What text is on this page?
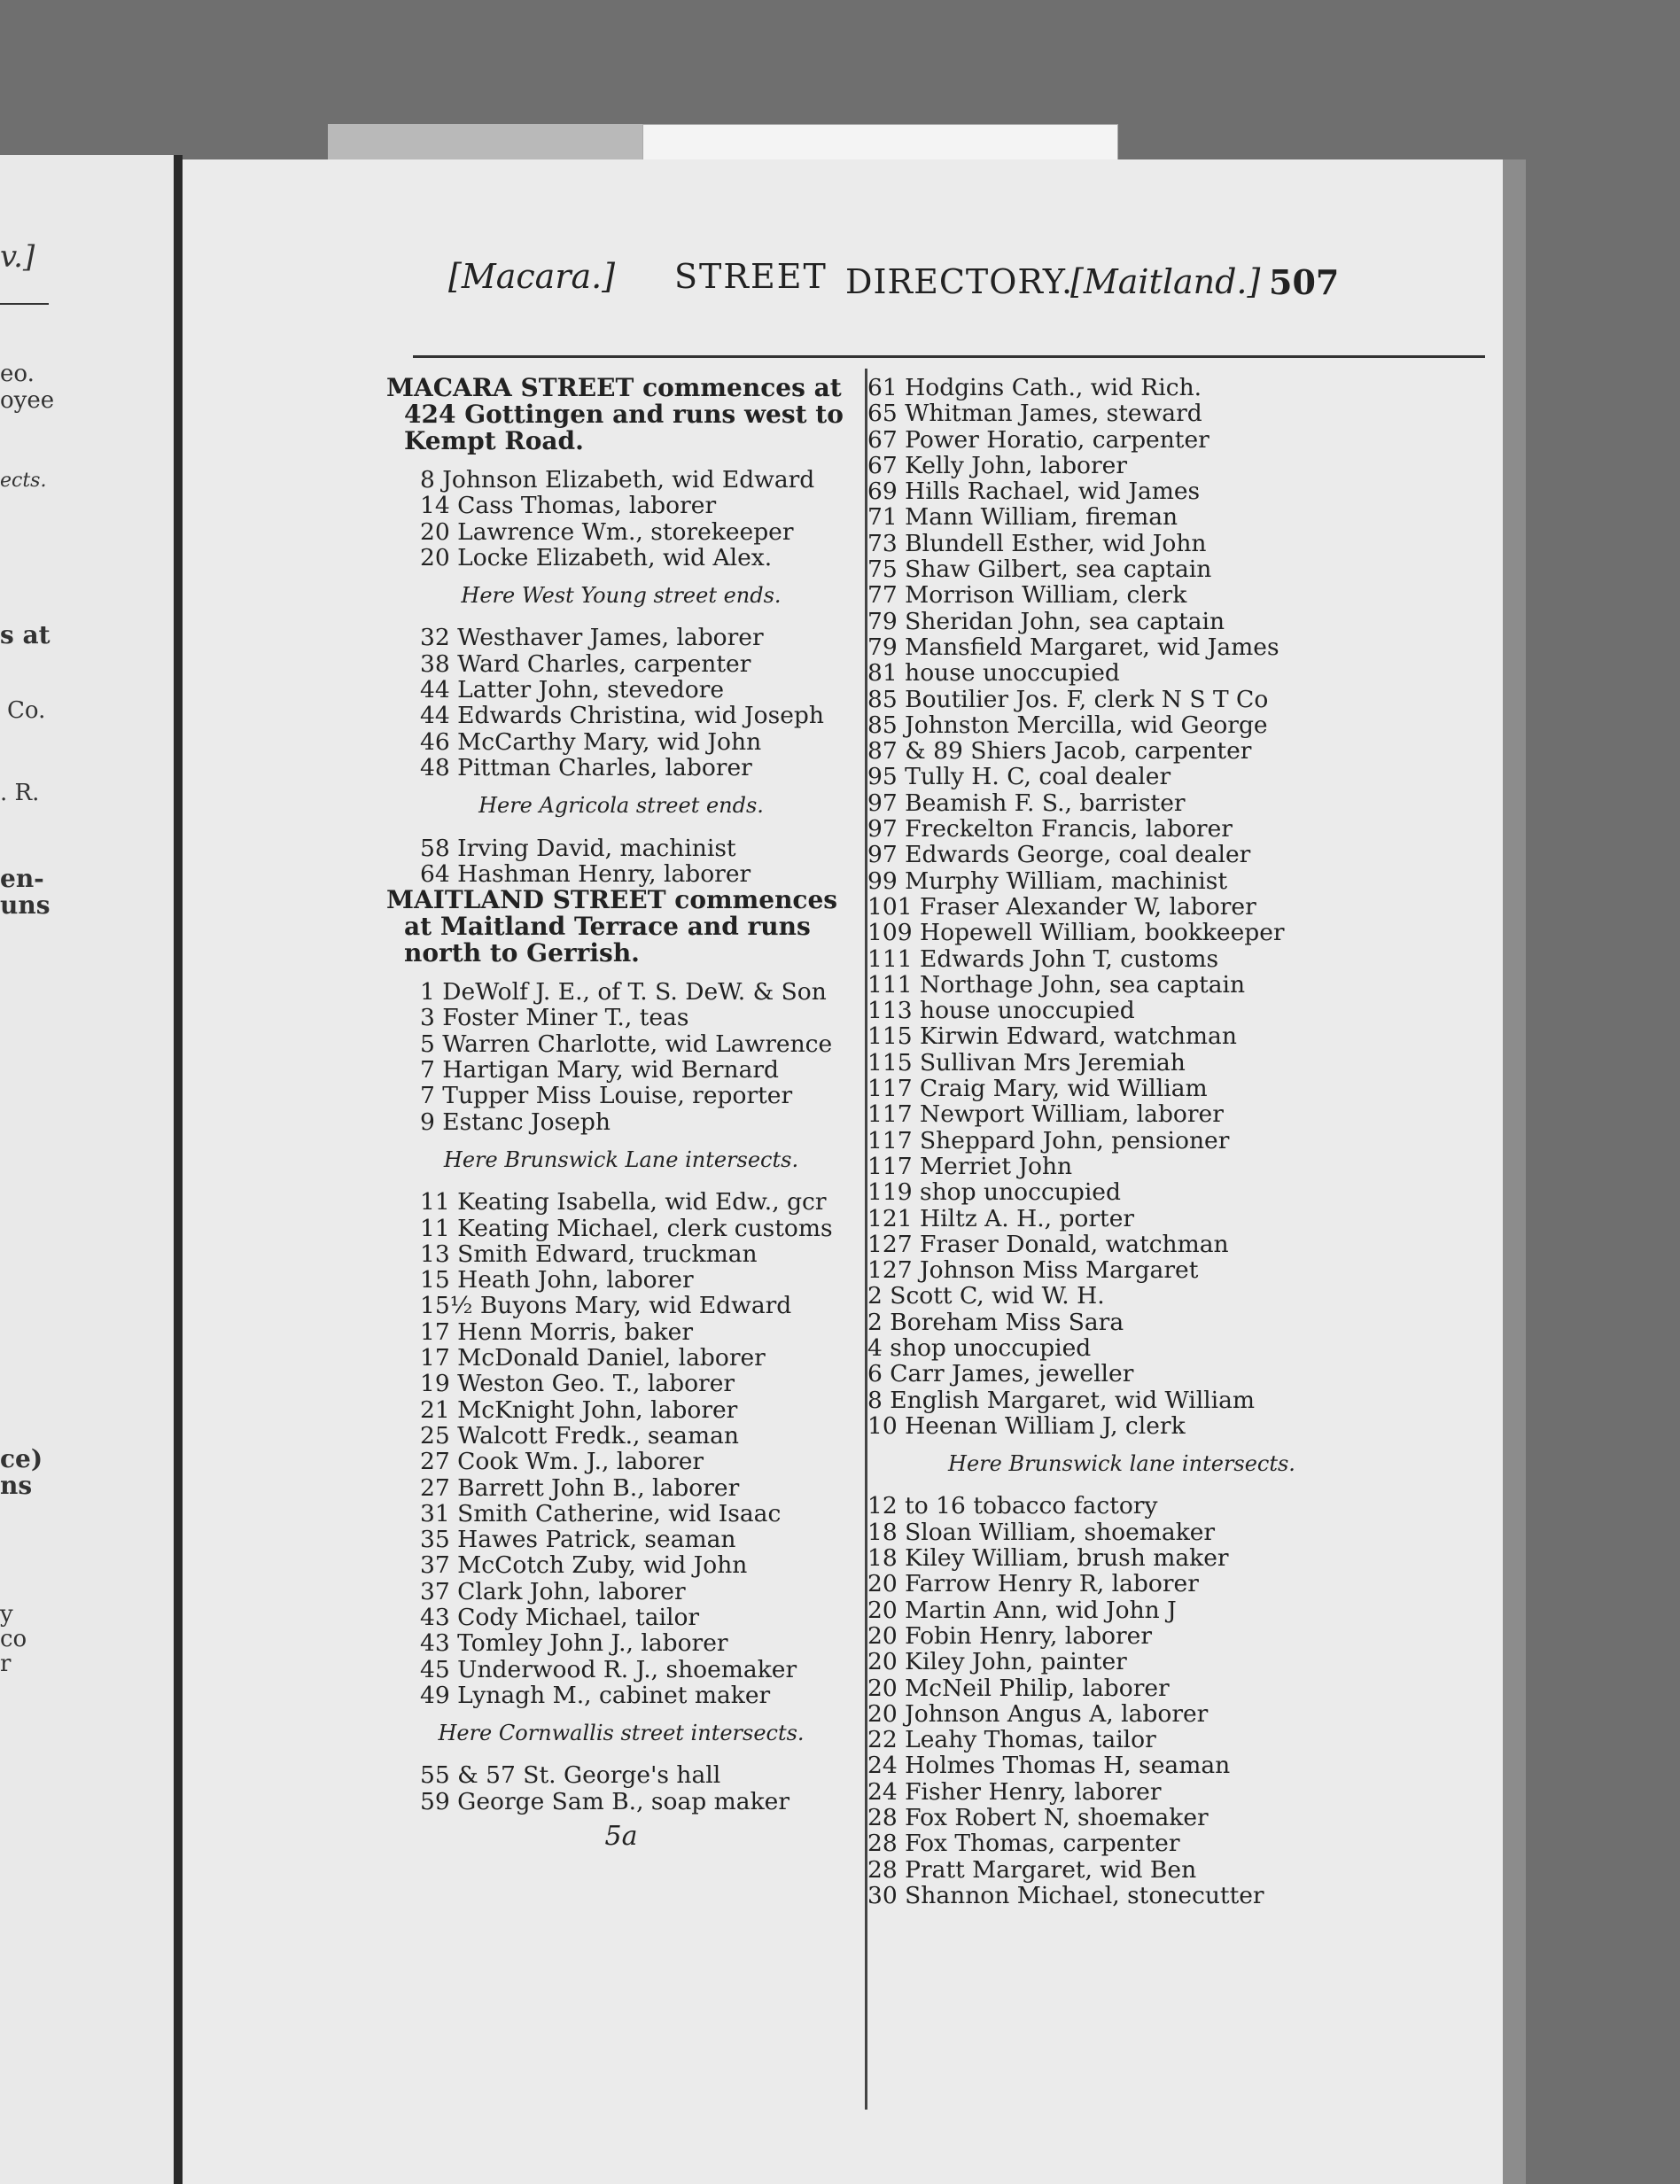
v.]
eo.
oyee
ects.
s at
Co.
. R.
en-
uns
ce)
ns
y
co
r
[Macara.] STREET DIRECTORY.
[Maitland.] 507
MACARA STREET commences at 424 Gottingen and runs west to Kempt Road.
8 Johnson Elizabeth, wid Edward
14 Cass Thomas, laborer
20 Lawrence Wm., storekeeper
20 Locke Elizabeth, wid Alex.
Here West Young street ends.
32 Westhaver James, laborer
38 Ward Charles, carpenter
44 Latter John, stevedore
44 Edwards Christina, wid Joseph
46 McCarthy Mary, wid John
48 Pittman Charles, laborer
Here Agricola street ends.
58 Irving David, machinist
64 Hashman Henry, laborer
MAITLAND STREET commences at Maitland Terrace and runs north to Gerrish.
1 DeWolf J. E., of T. S. DeW. & Son
3 Foster Miner T., teas
5 Warren Charlotte, wid Lawrence
7 Hartigan Mary, wid Bernard
7 Tupper Miss Louise, reporter
9 Estanc Joseph
Here Brunswick Lane intersects.
11 Keating Isabella, wid Edw., gcr
11 Keating Michael, clerk customs
13 Smith Edward, truckman
15 Heath John, laborer
15½ Buyons Mary, wid Edward
17 Henn Morris, baker
17 McDonald Daniel, laborer
19 Weston Geo. T., laborer
21 McKnight John, laborer
25 Walcott Fredk., seaman
27 Cook Wm. J., laborer
27 Barrett John B., laborer
31 Smith Catherine, wid Isaac
35 Hawes Patrick, seaman
37 McCotch Zuby, wid John
37 Clark John, laborer
43 Cody Michael, tailor
43 Tomley John J., laborer
45 Underwood R. J., shoemaker
49 Lynagh M., cabinet maker
Here Cornwallis street intersects.
55 & 57 St. George's hall
59 George Sam B., soap maker
5a
61 Hodgins Cath., wid Rich.
65 Whitman James, steward
67 Power Horatio, carpenter
67 Kelly John, laborer
69 Hills Rachael, wid James
71 Mann William, fireman
73 Blundell Esther, wid John
75 Shaw Gilbert, sea captain
77 Morrison William, clerk
79 Sheridan John, sea captain
79 Mansfield Margaret, wid James
81 house unoccupied
85 Boutilier Jos. F, clerk N S T Co
85 Johnston Mercilla, wid George
87 & 89 Shiers Jacob, carpenter
95 Tully H. C, coal dealer
97 Beamish F. S., barrister
97 Freckelton Francis, laborer
97 Edwards George, coal dealer
99 Murphy William, machinist
101 Fraser Alexander W, laborer
109 Hopewell William, bookkeeper
111 Edwards John T, customs
111 Northage John, sea captain
113 house unoccupied
115 Kirwin Edward, watchman
115 Sullivan Mrs Jeremiah
117 Craig Mary, wid William
117 Newport William, laborer
117 Sheppard John, pensioner
117 Merriet John
119 shop unoccupied
121 Hiltz A. H., porter
127 Fraser Donald, watchman
127 Johnson Miss Margaret
2 Scott C, wid W. H.
2 Boreham Miss Sara
4 shop unoccupied
6 Carr James, jeweller
8 English Margaret, wid William
10 Heenan William J, clerk
Here Brunswick lane intersects.
12 to 16 tobacco factory
18 Sloan William, shoemaker
18 Kiley William, brush maker
20 Farrow Henry R, laborer
20 Martin Ann, wid John J
20 Fobin Henry, laborer
20 Kiley John, painter
20 McNeil Philip, laborer
20 Johnson Angus A, laborer
22 Leahy Thomas, tailor
24 Holmes Thomas H, seaman
24 Fisher Henry, laborer
28 Fox Robert N, shoemaker
28 Fox Thomas, carpenter
28 Pratt Margaret, wid Ben
30 Shannon Michael, stonecutter
